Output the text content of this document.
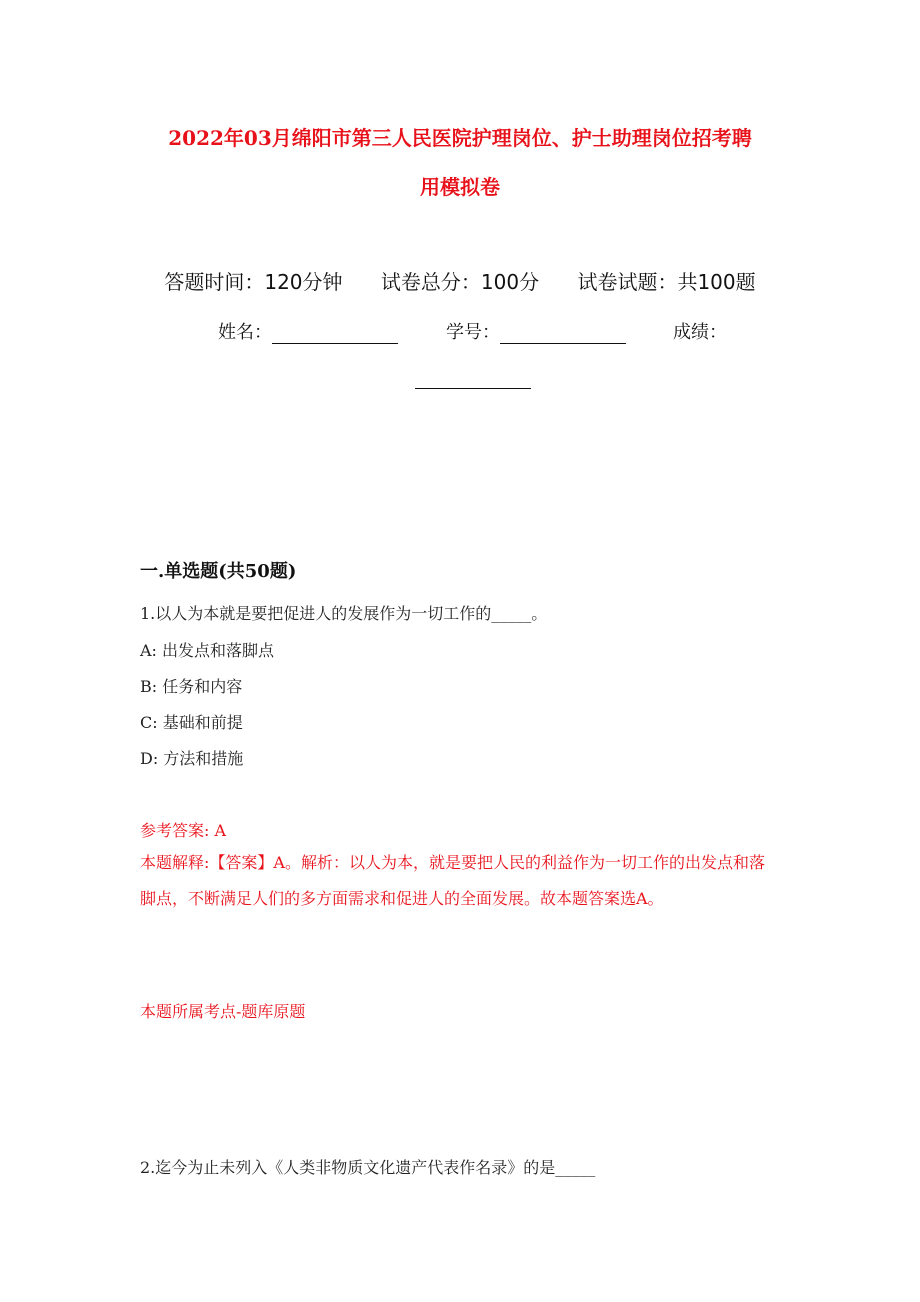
2022年03月绵阳市第三人民医院护理岗位、护士助理岗位招考聘
用模拟卷
答题时间：120分钟 试卷总分：100分 试卷试题：共100题
姓名：	学号：	成绩：
一.单选题(共50题)
1.以人为本就是要把促进人的发展作为一切工作的_____。
A: 出发点和落脚点
B: 任务和内容
C: 基础和前提
D: 方法和措施
参考答案: A
本题解释:【答案】A。解析：以人为本，就是要把人民的利益作为一切工作的出发点和落脚点，不断满足人们的多方面需求和促进人的全面发展。故本题答案选A。
本题所属考点-题库原题
2.迄今为止未列入《人类非物质文化遗产代表作名录》的是_____
